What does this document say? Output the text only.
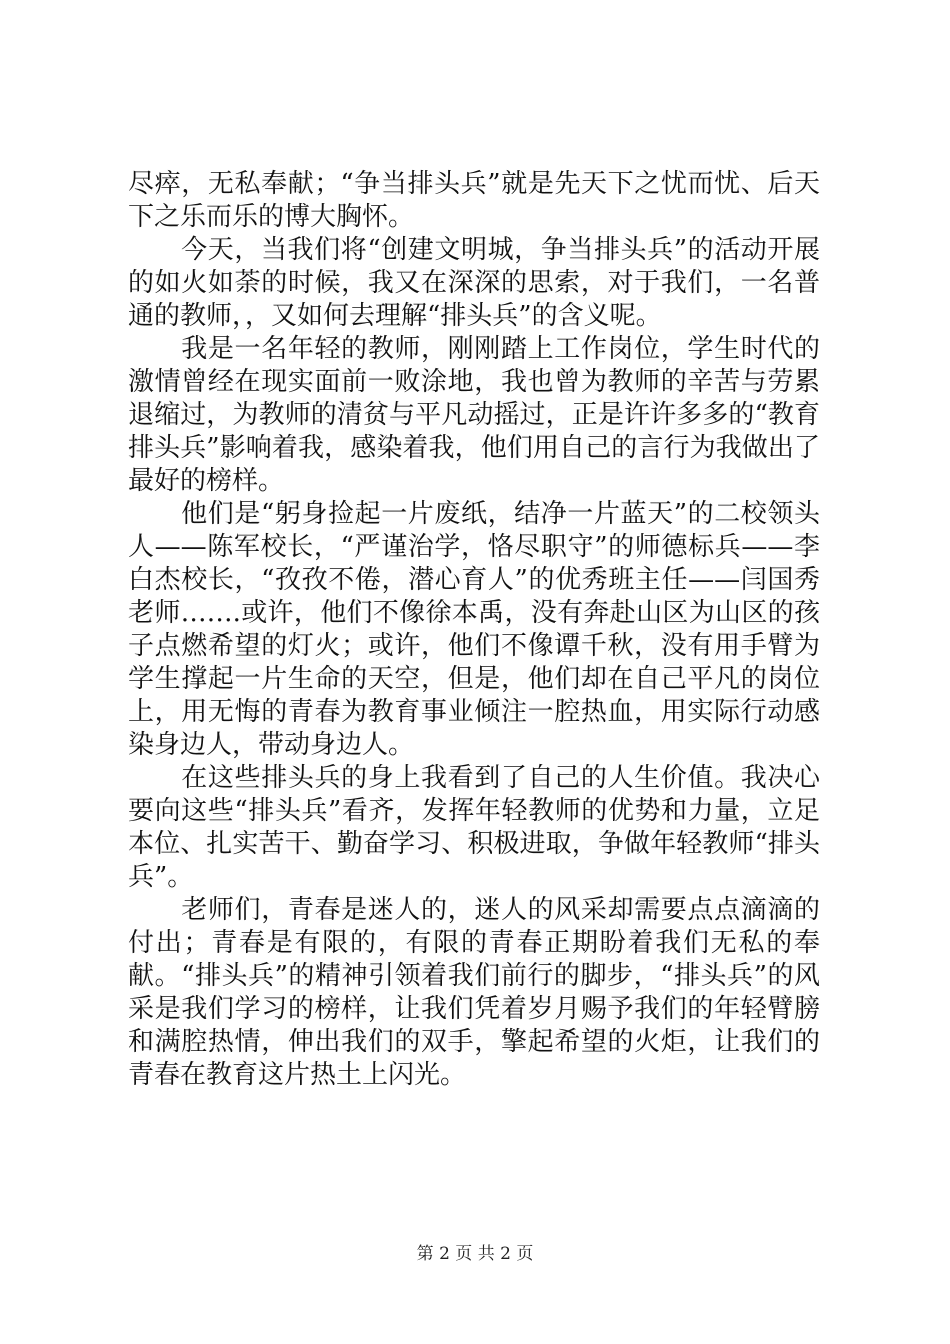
尽瘁，无私奉献；“争当排头兵”就是先天下之忧而忧、后天下之乐而乐的博大胸怀。

　　今天，当我们将“创建文明城，争当排头兵”的活动开展的如火如荼的时候，我又在深深的思索，对于我们，一名普通的教师，，又如何去理解“排头兵”的含义呢。

　　我是一名年轻的教师，刚刚踏上工作岗位，学生时代的激情曾经在现实面前一败涂地，我也曾为教师的辛苦与劳累退缩过，为教师的清贫与平凡动摇过，正是许许多多的“教育排头兵”影响着我，感染着我，他们用自己的言行为我做出了最好的榜样。

　　他们是“躬身捡起一片废纸，结净一片蓝天”的二校领头人——陈军校长，“严谨治学，恪尽职守”的师德标兵——李白杰校长，“孜孜不倦，潜心育人”的优秀班主任——闫国秀老师…….或许，他们不像徐本禹，没有奔赴山区为山区的孩子点燃希望的灯火；或许，他们不像谭千秋，没有用手臂为学生撑起一片生命的天空，但是，他们却在自己平凡的岗位上，用无悔的青春为教育事业倾注一腔热血，用实际行动感染身边人，带动身边人。

　　在这些排头兵的身上我看到了自己的人生价值。我决心要向这些“排头兵”看齐，发挥年轻教师的优势和力量，立足本位、扎实苦干、勤奋学习、积极进取，争做年轻教师“排头兵”。

　　老师们，青春是迷人的，迷人的风采却需要点点滴滴的付出；青春是有限的，有限的青春正期盼着我们无私的奉献。“排头兵”的精神引领着我们前行的脚步，“排头兵”的风采是我们学习的榜样，让我们凭着岁月赐予我们的年轻臂膀和满腔热情，伸出我们的双手，擎起希望的火炬，让我们的青春在教育这片热土上闪光。

第 2 页 共 2 页
